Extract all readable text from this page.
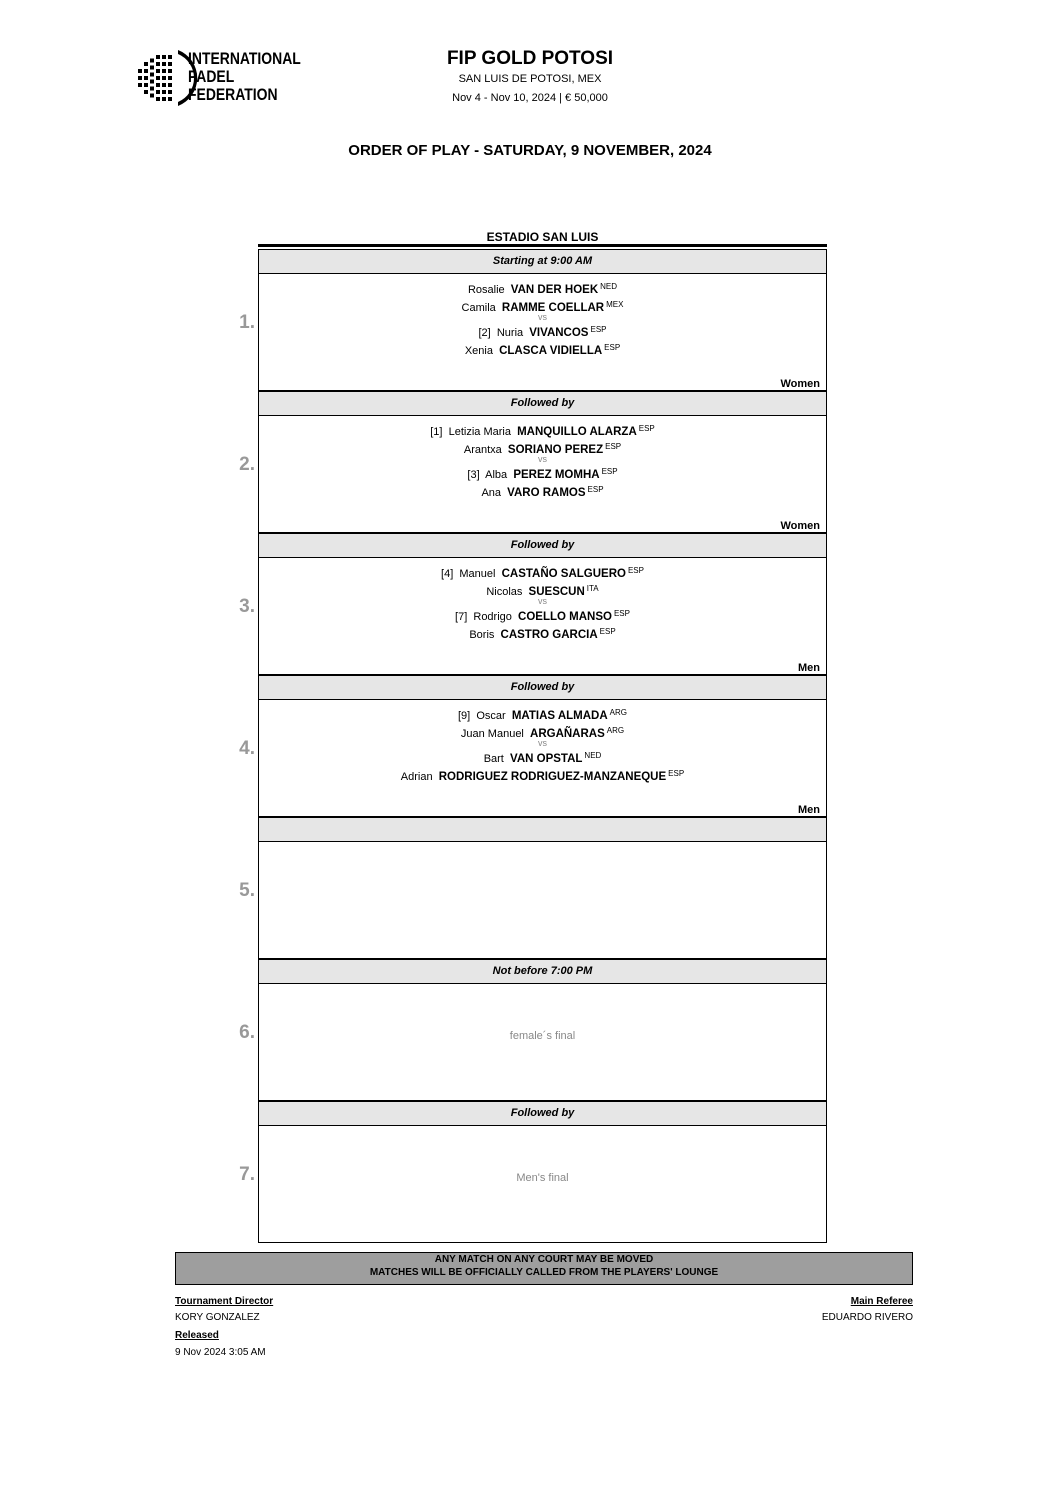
INTERNATIONAL
PADEL
FEDERATION
FIP GOLD POTOSI
SAN LUIS DE POTOSI, MEX
Nov 4 - Nov 10, 2024 | € 50,000
ORDER OF PLAY - SATURDAY, 9 NOVEMBER, 2024
ESTADIO SAN LUIS
Starting at 9:00 AM
1.
Rosalie VAN DER HOEK $^{NED}$
Camila RAMME COELLAR $^{MEX}$
vs
[2] Nuria VIVANCOS $^{ESP}$
Xenia CLASCA VIDIELLA $^{ESP}$
Women
Followed by
2.
[1] Letizia Maria MANQUILLO ALARZA $^{ESP}$
Arantxa SORIANO PEREZ $^{ESP}$
vs
[3] Alba PEREZ MOMHA $^{ESP}$
Ana VARO RAMOS $^{ESP}$
Women
Followed by
3.
[4] Manuel CASTAÑO SALGUERO $^{ESP}$
Nicolas SUESCUN $^{ITA}$
vs
[7] Rodrigo COELLO MANSO $^{ESP}$
Boris CASTRO GARCIA $^{ESP}$
Men
Followed by
4.
[9] Oscar MATIAS ALMADA $^{ARG}$
Juan Manuel ARGAÑARAS $^{ARG}$
vs
Bart VAN OPSTAL $^{NED}$
Adrian RODRIGUEZ RODRIGUEZ-MANZANEQUE $^{ESP}$
Men
5.
Not before 7:00 PM
6.	female´s final
Followed by
7.	Men's final
ANY MATCH ON ANY COURT MAY BE MOVED
MATCHES WILL BE OFFICIALLY CALLED FROM THE PLAYERS' LOUNGE
Tournament Director
KORY GONZALEZ
Released
9 Nov 2024 3:05 AM
Main Referee
EDUARDO RIVERO
